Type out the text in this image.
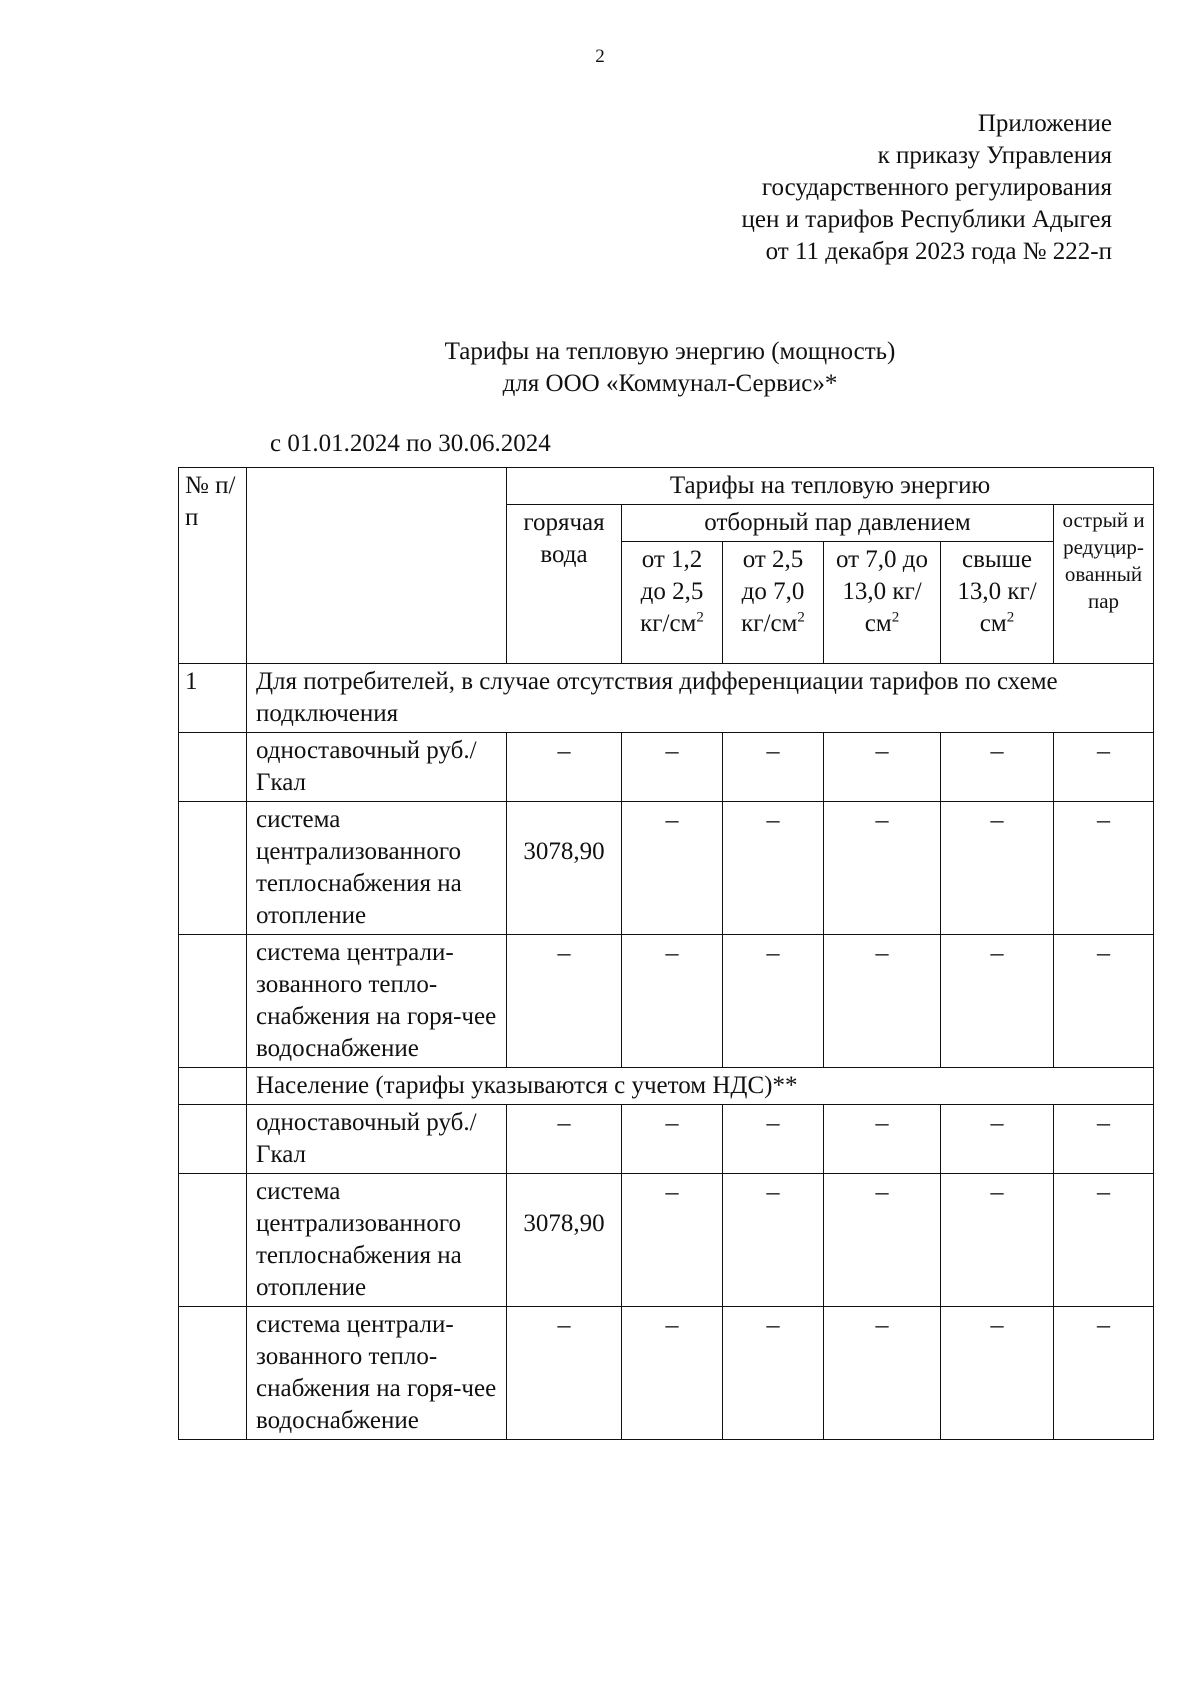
2
Приложение
к приказу Управления
государственного регулирования
цен и тарифов Республики Адыгея
от 11 декабря 2023 года № 222-п
Тарифы на тепловую энергию (мощность)
для ООО «Коммунал-Сервис»*
с 01.01.2024 по 30.06.2024
№ п/п		Тарифы на тепловую энергию					
		горячая вода	отборный пар давлением				острый и редуцир-ованный пар
			от 1,2 до 2,5 $кг/см^2$	от 2,5 до 7,0 $кг/см^2$	от 7,0 до 13,0 $кг/см^2$	свыше 13,0 $кг/см^2$
1	Для потребителей, в случае отсутствия дифференциации тарифов по схеме подключения						
	одноставочный руб./Гкал	–	–	–	–	–	–
	система централизованного теплоснабжения на отопление	3078,90	–	–	–	–	–
	система централи-зованного тепло-снабжения на горя-чее водоснабжение	–	–	–	–	–	–
	Население (тарифы указываются с учетом НДС)**						
	одноставочный руб./Гкал	–	–	–	–	–	–
	система централизованного теплоснабжения на отопление	3078,90	–	–	–	–	–
	система централи-зованного тепло-снабжения на горя-чее водоснабжение	–	–	–	–	–	–
